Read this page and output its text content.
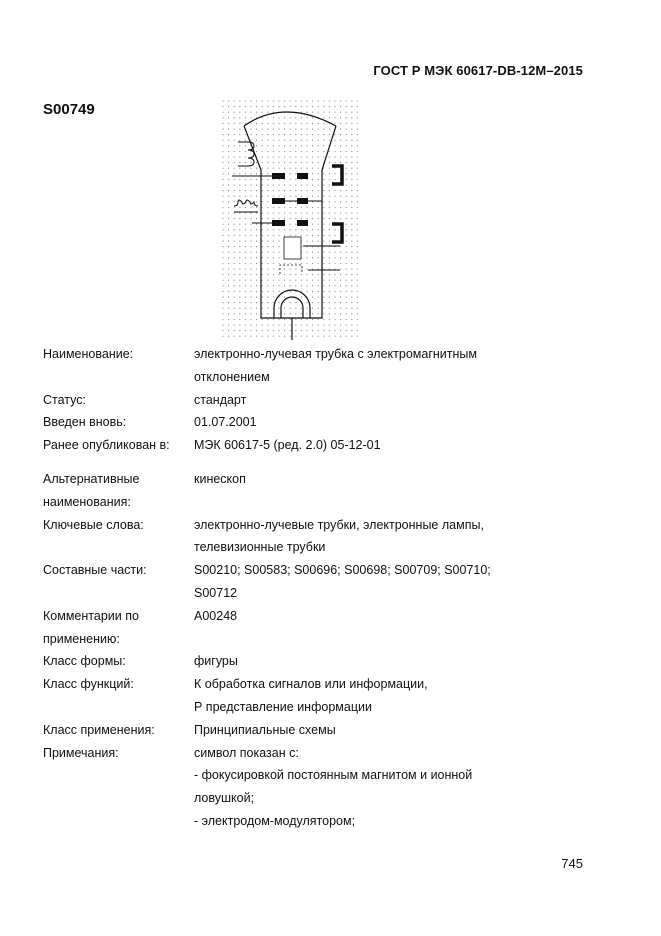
ГОСТ Р МЭК 60617-DB-12M–2015
S00749
Наименование:	электронно-лучевая трубка с электромагнитным
отклонением
Статус:	стандарт
Введен вновь:	01.07.2001
Ранее опубликован в:	МЭК 60617-5 (ред. 2.0) 05-12-01
Альтернативные
наименования:
кинескоп
Ключевые слова:	электронно-лучевые трубки, электронные лампы,
телевизионные трубки
Составные части:	S00210; S00583; S00696; S00698; S00709; S00710;
S00712
Комментарии по
применению:
A00248
Класс формы:	фигуры
Класс функций:	К обработка сигналов или информации,
Р представление информации
Класс применения:	Принципиальные схемы
Примечания:	символ показан с:
- фокусировкой постоянным магнитом и ионной
ловушкой;
- электродом-модулятором;
745
